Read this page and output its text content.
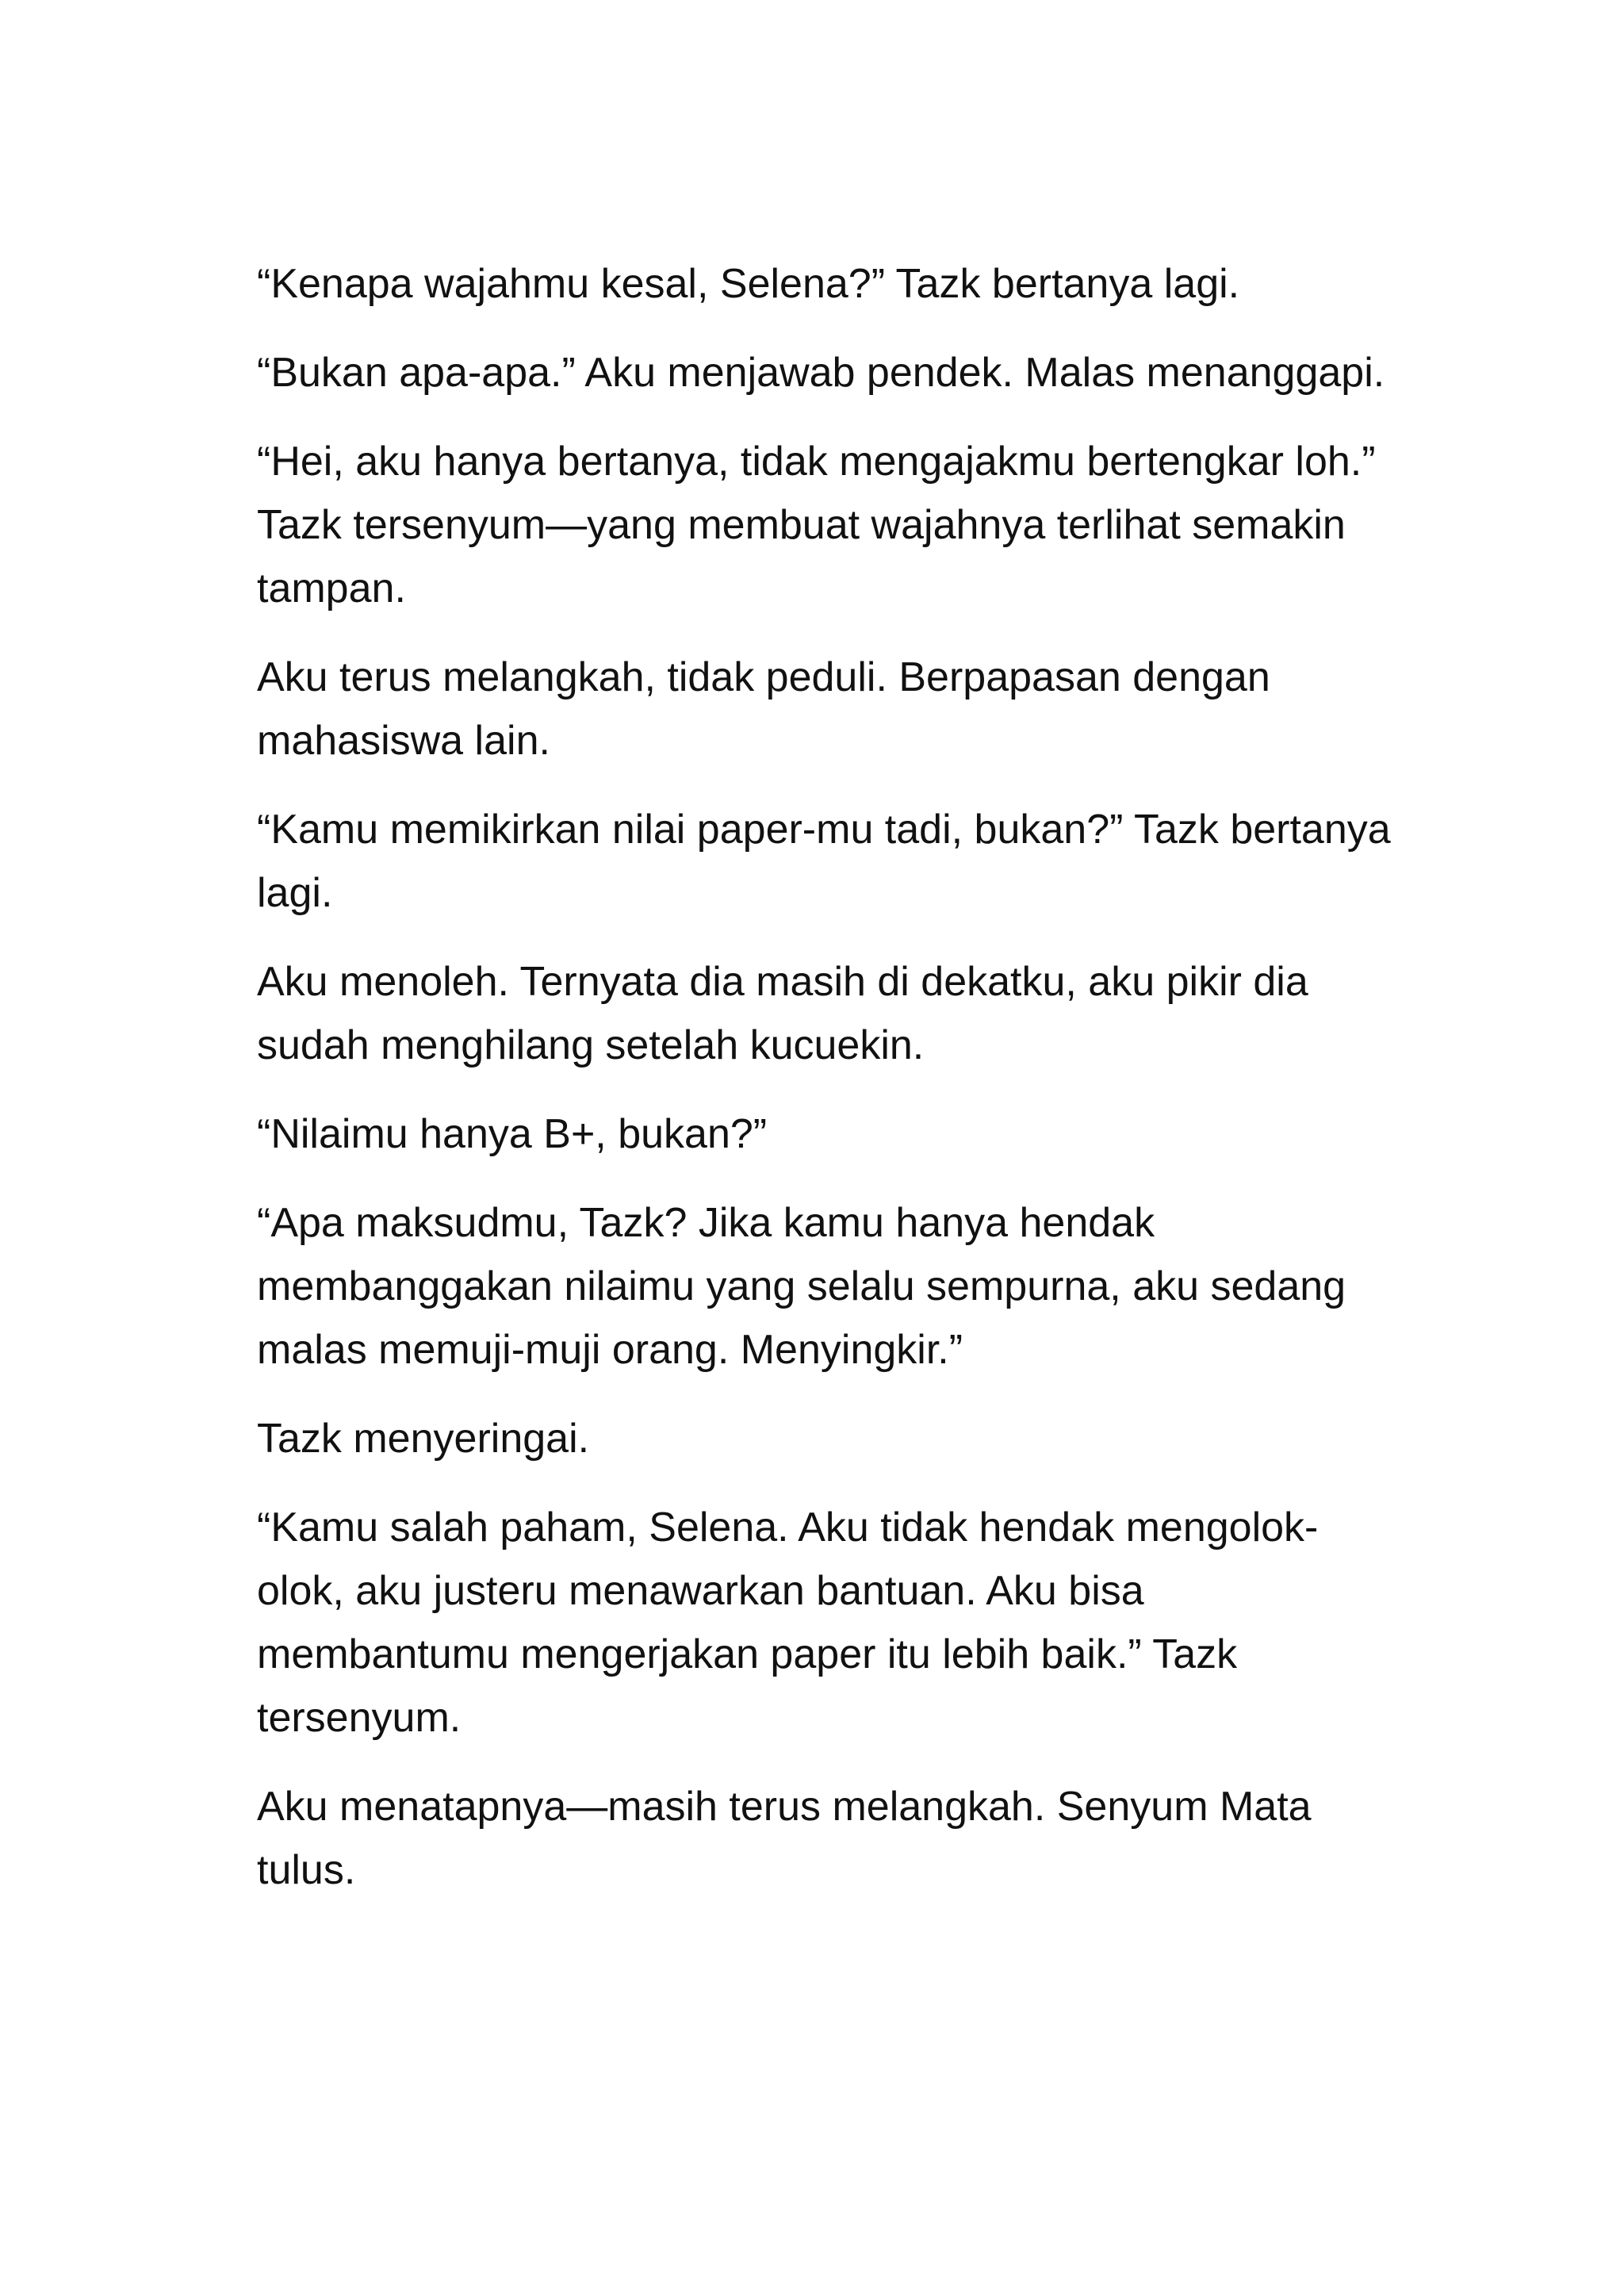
“Kenapa wajahmu kesal, Selena?” Tazk bertanya lagi.

“Bukan apa-apa.” Aku menjawab pendek. Malas menanggapi.

“Hei, aku hanya bertanya, tidak mengajakmu bertengkar loh.” Tazk tersenyum—yang membuat wajahnya terlihat semakin tampan.

Aku terus melangkah, tidak peduli. Berpapasan dengan mahasiswa lain.

“Kamu memikirkan nilai paper-mu tadi, bukan?” Tazk bertanya lagi.

Aku menoleh. Ternyata dia masih di dekatku, aku pikir dia sudah menghilang setelah kucuekin.

“Nilaimu hanya B+, bukan?”

“Apa maksudmu, Tazk? Jika kamu hanya hendak membanggakan nilaimu yang selalu sempurna, aku sedang malas memuji-muji orang. Menyingkir.”

Tazk menyeringai.

“Kamu salah paham, Selena. Aku tidak hendak mengolok-olok, aku justeru menawarkan bantuan. Aku bisa membantumu mengerjakan paper itu lebih baik.” Tazk tersenyum.

Aku menatapnya—masih terus melangkah. Senyum Mata tulus.
